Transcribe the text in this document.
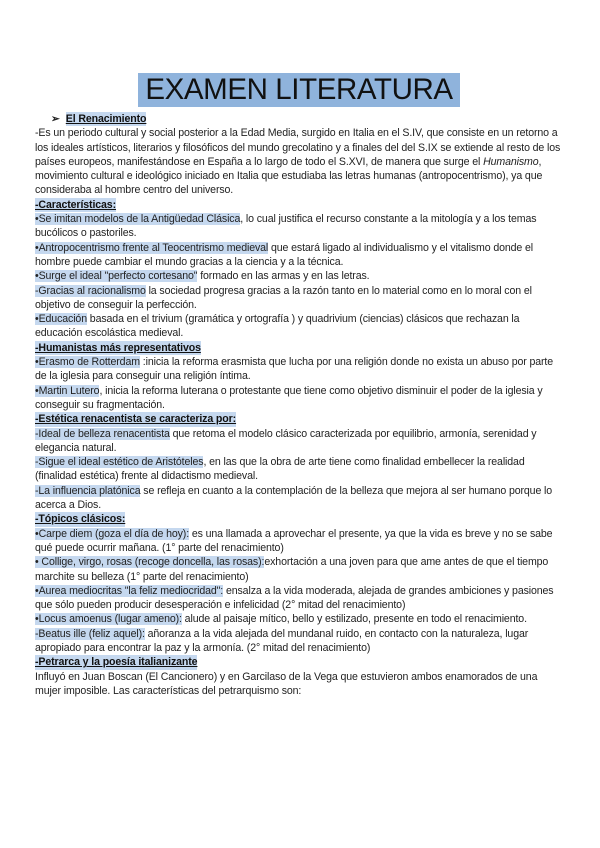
EXAMEN LITERATURA

➢ El Renacimiento

-Es un periodo cultural y social posterior a la Edad Media, surgido en Italia en el S.IV, que consiste en un retorno a los ideales artísticos, literarios y filosóficos del mundo grecolatino y a finales del del S.IX se extiende al resto de los países europeos, manifestándose en España a lo largo de todo el S.XVI, de manera que surge el Humanismo, movimiento cultural e ideológico iniciado en Italia que estudiaba las letras humanas (antropocentrismo), ya que consideraba al hombre centro del universo.

-Características:

•Se imitan modelos de la Antigüedad Clásica, lo cual justifica el recurso constante a la mitología y a los temas bucólicos o pastoriles.

•Antropocentrismo frente al Teocentrismo medieval que estará ligado al individualismo y el vitalismo donde el hombre puede cambiar el mundo gracias a la ciencia y a la técnica.

•Surge el ideal "perfecto cortesano" formado en las armas y en las letras.

-Gracias al racionalismo la sociedad progresa gracias a la razón tanto en lo material como en lo moral con el objetivo de conseguir la perfección.

•Educación basada en el trivium (gramática y ortografía ) y quadrivium (ciencias) clásicos que rechazan la educación escolástica medieval.

-Humanistas más representativos

•Erasmo de Rotterdam :inicia la reforma erasmista que lucha por una religión donde no exista un abuso por parte de la iglesia para conseguir una religión íntima.

•Martin Lutero, inicia la reforma luterana o protestante que tiene como objetivo disminuir el poder de la iglesia y conseguir su fragmentación.

-Estética renacentista se caracteriza por:

-Ideal de belleza renacentista que retoma el modelo clásico caracterizada por equilibrio, armonía, serenidad y elegancia natural.

-Sigue el ideal estético de Aristóteles, en las que la obra de arte tiene como finalidad embellecer la realidad (finalidad estética) frente al didactismo medieval.

-La influencia platónica se refleja en cuanto a la contemplación de la belleza que mejora al ser humano porque lo acerca a Dios.

-Tópicos clásicos:

•Carpe diem (goza el día de hoy): es una llamada a aprovechar el presente, ya que la vida es breve y no se sabe qué puede ocurrir mañana. (1° parte del renacimiento)

• Collige, virgo, rosas (recoge doncella, las rosas):exhortación a una joven para que ame antes de que el tiempo marchite su belleza (1° parte del renacimiento)

•Aurea mediocritas "la feliz mediocridad": ensalza a la vida moderada, alejada de grandes ambiciones y pasiones que sólo pueden producir desesperación e infelicidad (2° mitad del renacimiento)

•Locus amoenus (lugar ameno): alude al paisaje mítico, bello y estilizado, presente en todo el renacimiento.

-Beatus ille (feliz aquel): añoranza a la vida alejada del mundanal ruido, en contacto con la naturaleza, lugar apropiado para encontrar la paz y la armonía. (2° mitad del renacimiento)

-Petrarca y la poesía italianizante

Influyó en Juan Boscan (El Cancionero) y en Garcilaso de la Vega que estuvieron ambos enamorados de una mujer imposible. Las características del petrarquismo son:
